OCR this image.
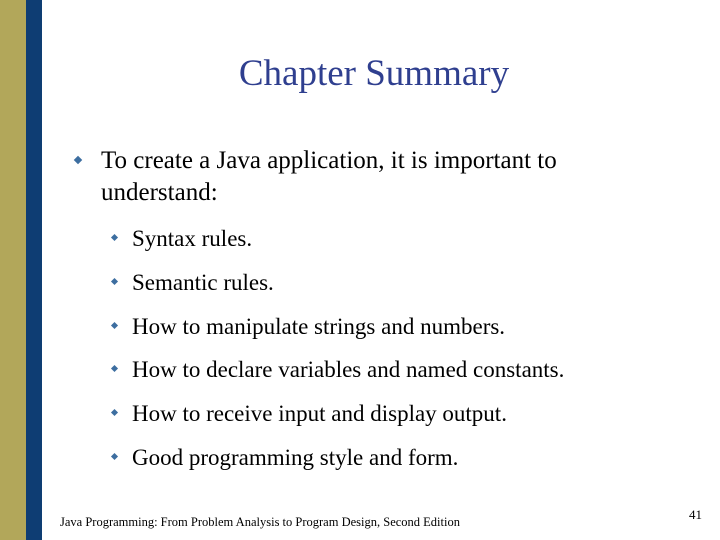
Chapter Summary
To create a Java application, it is important to understand:
Syntax rules.
Semantic rules.
How to manipulate strings and numbers.
How to declare variables and named constants.
How to receive input and display output.
Good programming style and form.
Java Programming: From Problem Analysis to Program Design, Second Edition	41
